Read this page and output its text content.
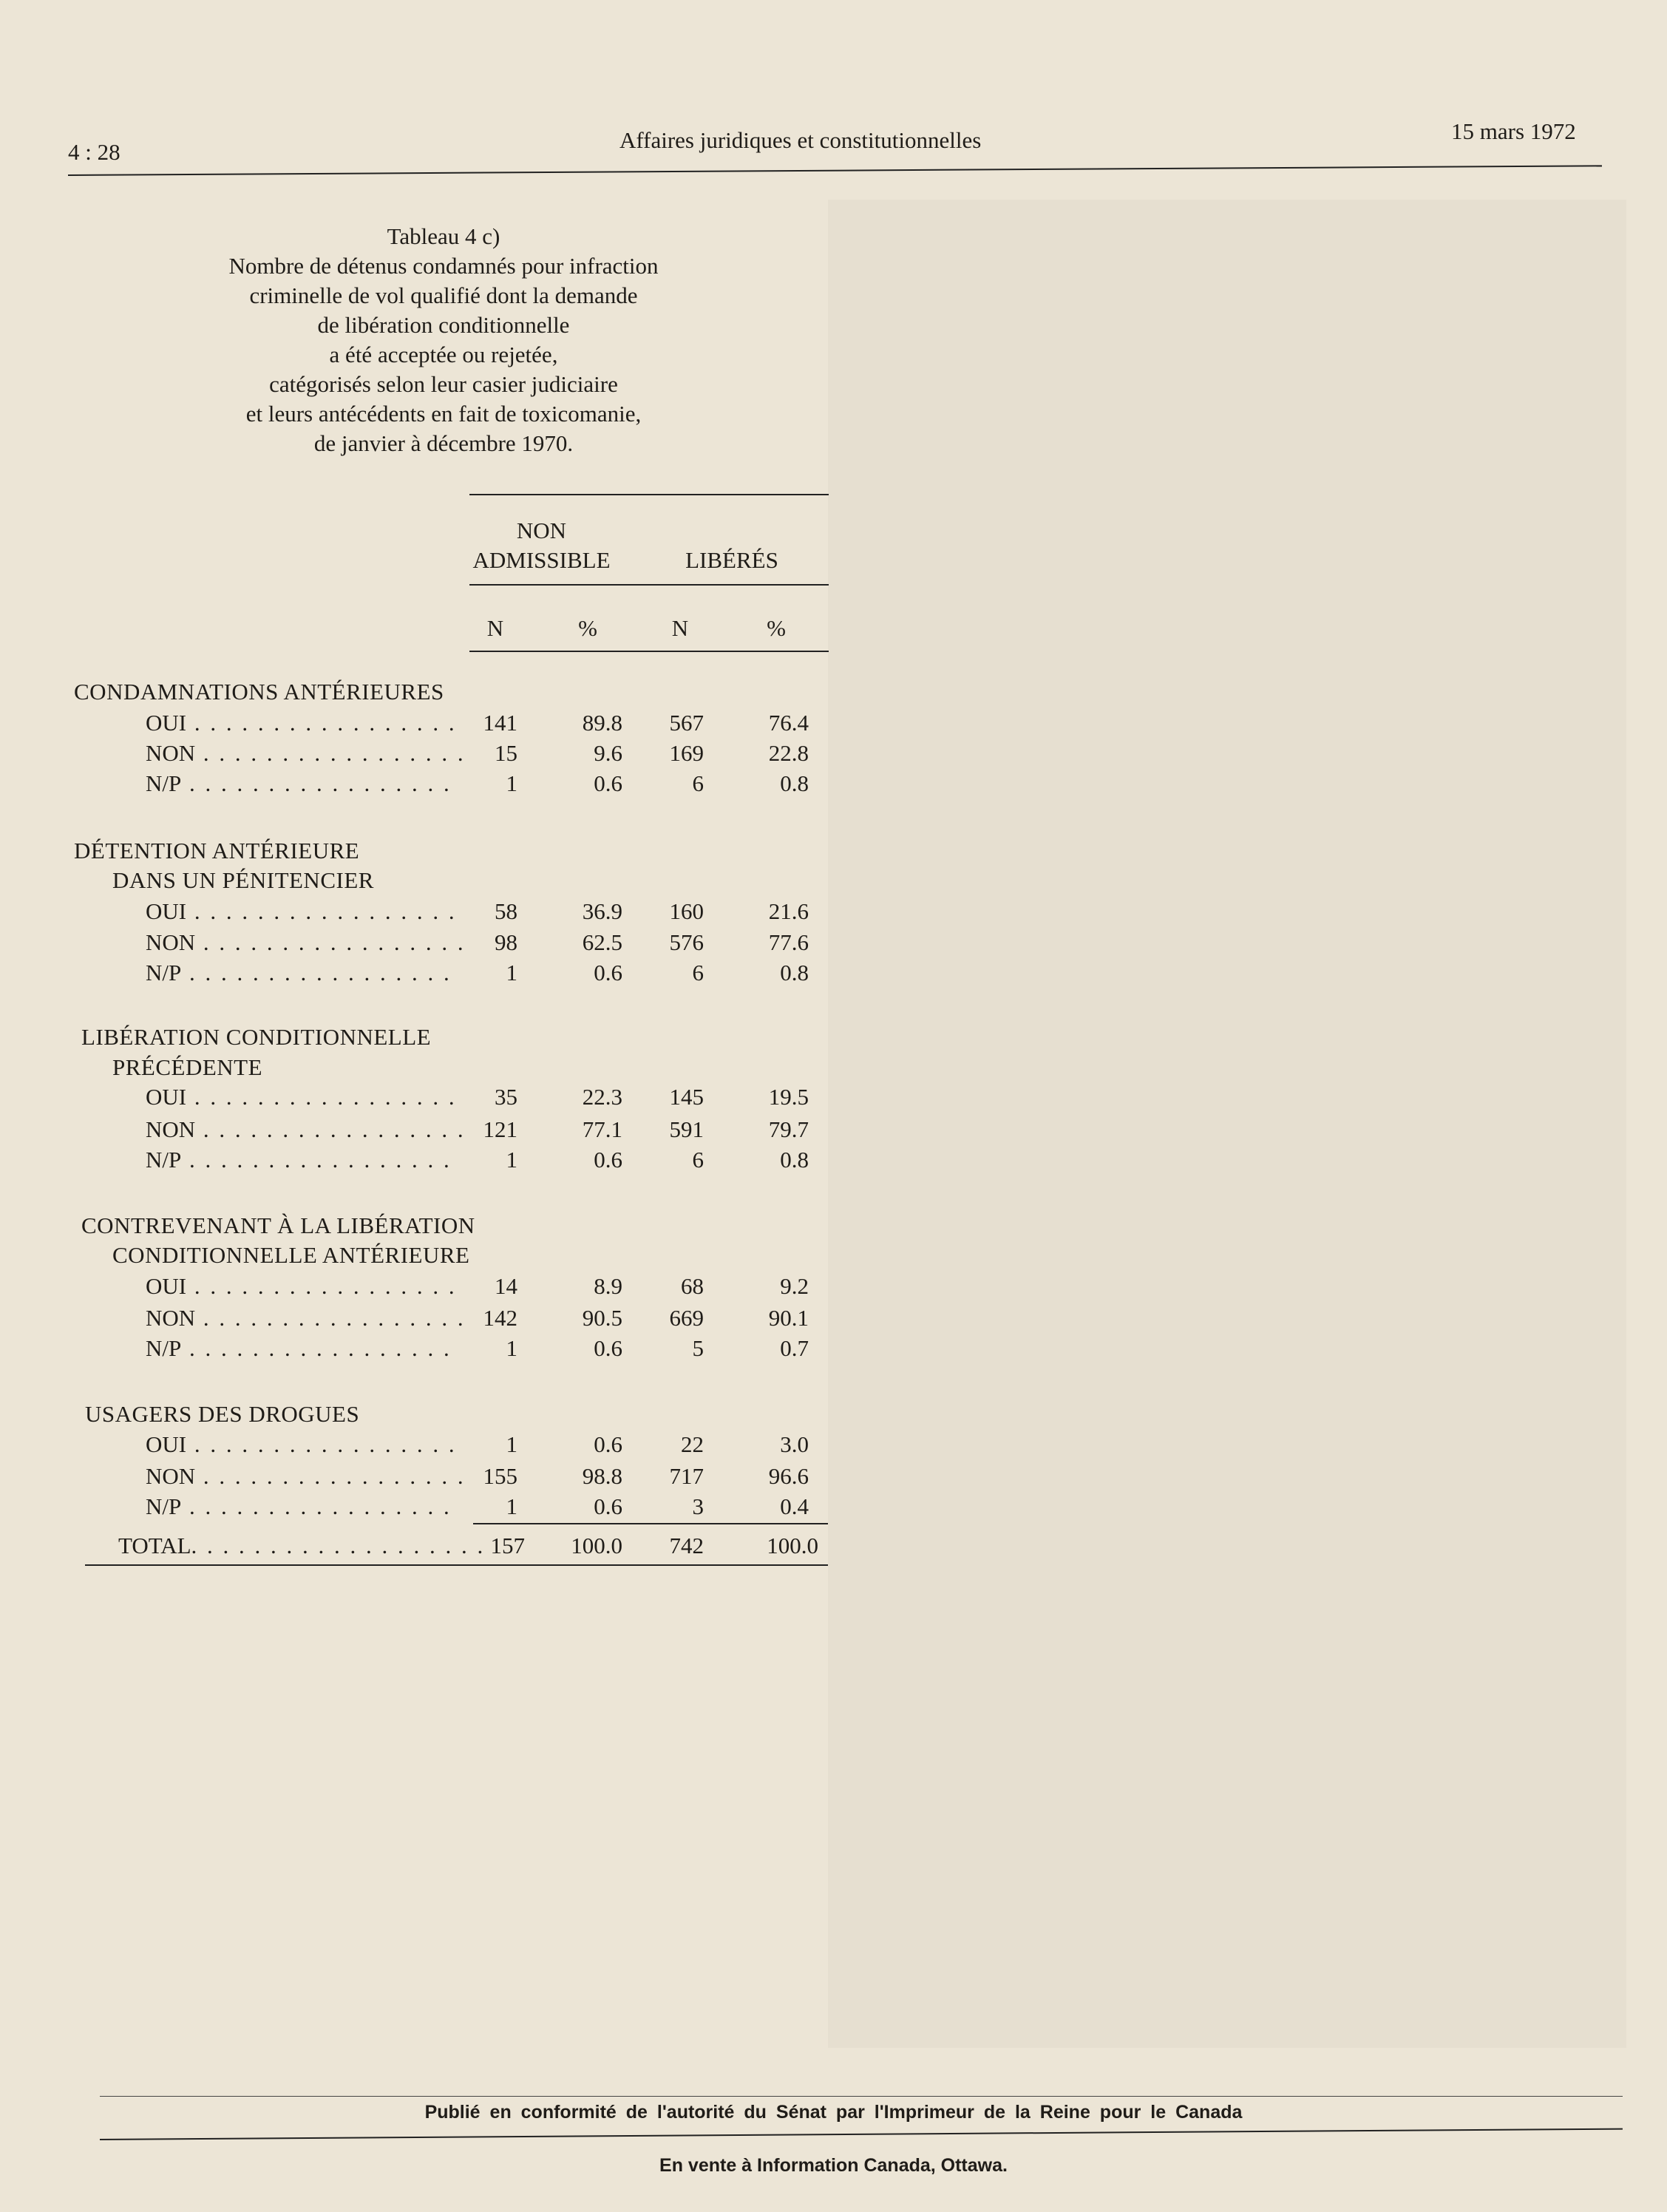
4 : 28	Affaires juridiques et constitutionnelles	15 mars 1972
Tableau 4 c)
Nombre de détenus condamnés pour infraction
criminelle de vol qualifié dont la demande
de libération conditionnelle
a été acceptée ou rejetée,
catégorisés selon leur casier judiciaire
et leurs antécédents en fait de toxicomanie,
de janvier à décembre 1970.
NON
ADMISSIBLE	LIBÉRÉS
N	%	N	%
CONDAMNATIONS ANTÉRIEURES
OUI . . . . . . . . . . . . . . . . .	141	89.8	567	76.4
NON . . . . . . . . . . . . . . . . .	15	9.6	169	22.8
N/P . . . . . . . . . . . . . . . . .	1	0.6	6	0.8
DÉTENTION ANTÉRIEURE
DANS UN PÉNITENCIER
OUI . . . . . . . . . . . . . . . . .	58	36.9	160	21.6
NON . . . . . . . . . . . . . . . . .	98	62.5	576	77.6
N/P . . . . . . . . . . . . . . . . .	1	0.6	6	0.8
LIBÉRATION CONDITIONNELLE
PRÉCÉDENTE
OUI . . . . . . . . . . . . . . . . .	35	22.3	145	19.5
NON . . . . . . . . . . . . . . . . . 121	77.1	591	79.7
N/P . . . . . . . . . . . . . . . . .	1	0.6	6	0.8
CONTREVENANT À LA LIBÉRATION
CONDITIONNELLE ANTÉRIEURE
OUI . . . . . . . . . . . . . . . . .	14	8.9	68	9.2
NON . . . . . . . . . . . . . . . . . 142	90.5	669	90.1
N/P . . . . . . . . . . . . . . . . .	1	0.6	5	0.7
USAGERS DES DROGUES
OUI . . . . . . . . . . . . . . . . .	1	0.6	22	3.0
NON . . . . . . . . . . . . . . . . . 155	98.8	717	96.6
N/P . . . . . . . . . . . . . . . . .	1	0.6	3	0.4
TOTAL. . . . . . . . . . . . . . . . . . . 157	100.0	742	100.0
Publié en conformité de l'autorité du Sénat par l'Imprimeur de la Reine pour le Canada
En vente à Information Canada, Ottawa.
